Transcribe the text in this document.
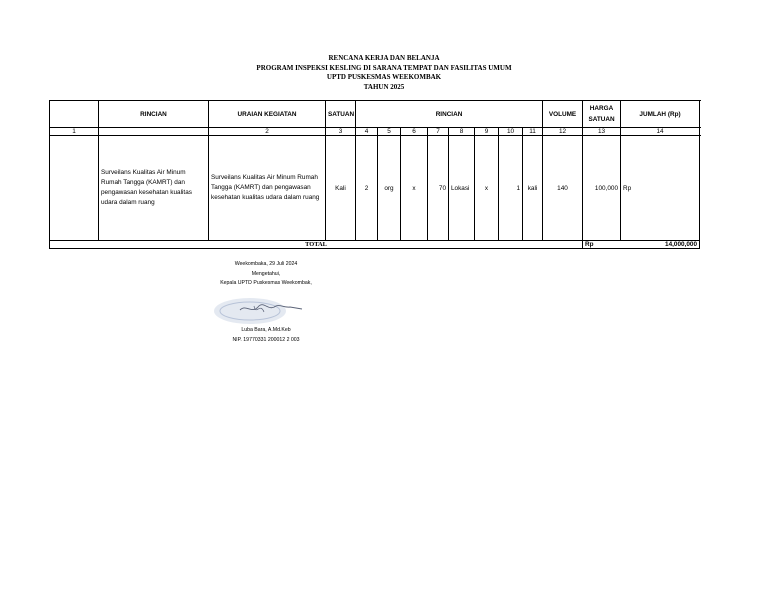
RENCANA KERJA DAN BELANJA
PROGRAM INSPEKSI KESLING DI SARANA TEMPAT DAN FASILITAS UMUM
UPTD PUSKESMAS WEEKOMBAK
TAHUN 2025
	RINCIAN	URAIAN KEGIATAN	SATUAN	RINCIAN								VOLUME	HARGA SATUAN	JUMLAH (Rp)	
1		2	3	4	5	6	7	8	9	10	11	12	13	14	
	Surveilans Kualitas Air Minum Rumah Tangga (KAMRT) dan pengawasan kesehatan kualitas udara dalam ruang	Surveilans Kualitas Air Minum Rumah Tangga (KAMRT) dan pengawasan kesehatan kualitas udara dalam ruang	Kali	2	org	x	70	Lokasi	x	1	kali	140	100,000	Rp	
TOTAL													Rp	14,000,000	
Weekombaka, 29 Juli 2024
Mengetahui,
Kepala UPTD Puskesmas Weekombak,
Luba Bara, A.Md.Keb
NIP. 19770331 200012 2 003
